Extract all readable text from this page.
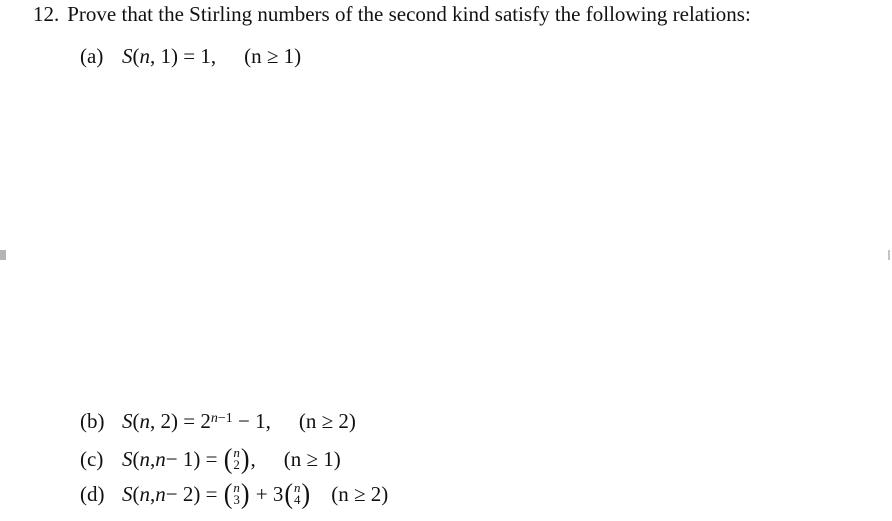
12. Prove that the Stirling numbers of the second kind satisfy the following relations:
(a) S ( n , 1) = 1, (n ≥ 1)
(b) S ( n , 2) = 2 $^{n-1}$ − 1, (n ≥ 2)
(c) S ( n , n − 1) = ( n
2 ) , (n ≥ 1)
(d) S ( n , n − 2) = ( n
3 ) + 3 ( n
4 ) (n ≥ 2)
